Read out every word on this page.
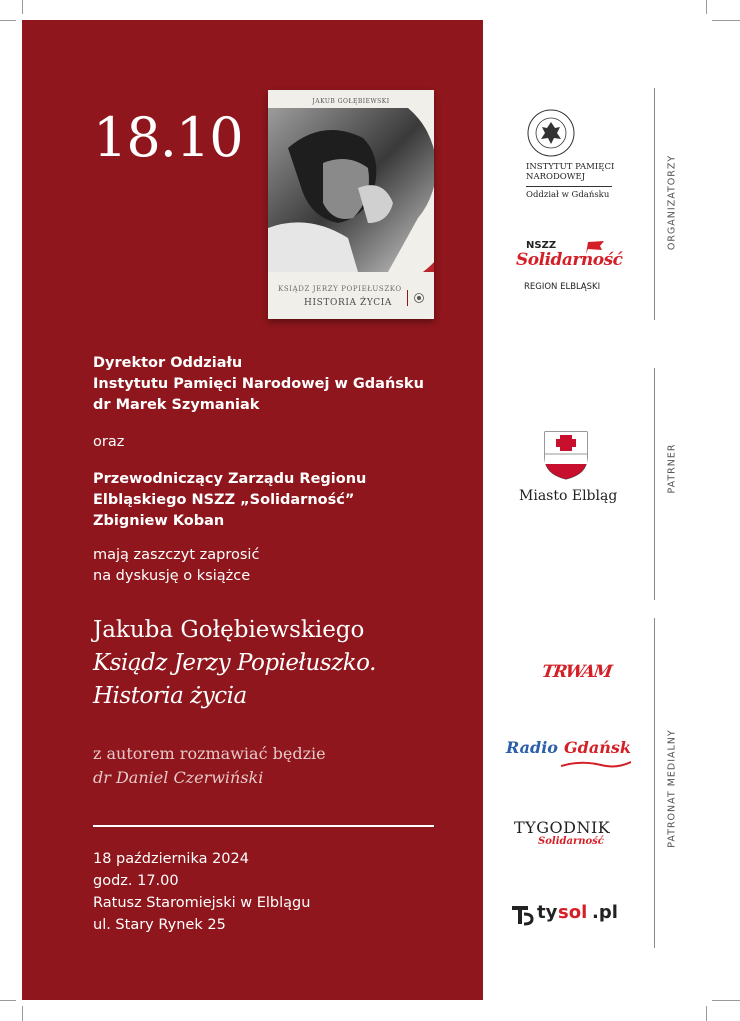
18.10
JAKUB GOŁĘBIEWSKI
KSIĄDZ JERZY POPIEŁUSZKO
HISTORIA ŻYCIA
Dyrektor Oddziału
Instytutu Pamięci Narodowej w Gdańsku
dr Marek Szymaniak
oraz
Przewodniczący Zarządu Regionu
Elbląskiego NSZZ „Solidarność”
Zbigniew Koban
mają zaszczyt zaprosić
na dyskusję o książce
Jakuba Gołębiewskiego
Ksiądz Jerzy Popiełuszko.
Historia życia
z autorem rozmawiać będzie
dr Daniel Czerwiński
18 października 2024
godz. 17.00
Ratusz Staromiejski w Elblągu
ul. Stary Rynek 25
ORGANIZATORZY
PATRNER
PATRONAT MEDIALNY
INSTYTUT PAMIĘCI
NARODOWEJ
Oddział w Gdańsku
NSZZ
Solidarność
REGION ELBLĄSKI
Miasto Elbląg
TRWAM
Radio Gdańsk
TYGODNIK
Solidarność
ty sol .pl
